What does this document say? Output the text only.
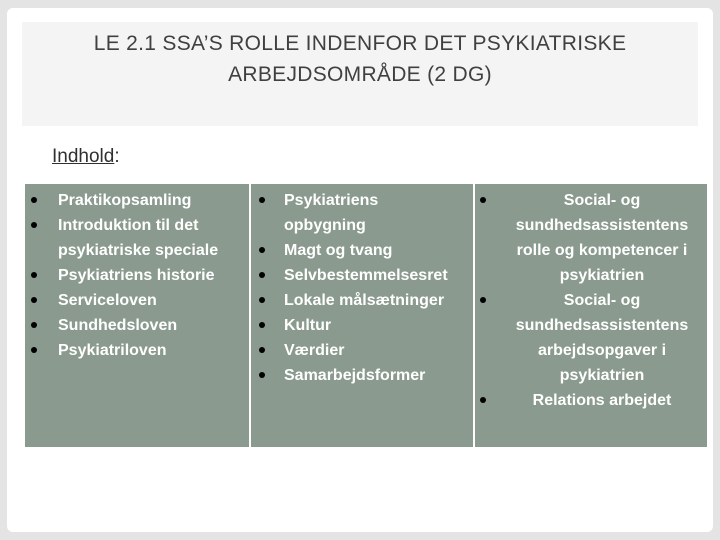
LE 2.1 SSA’S ROLLE INDENFOR DET PSYKIATRISKE
ARBEJDSOMRÅDE (2 DG)
Indhold:
Praktikopsamling
Introduktion til det psykiatriske speciale
Psykiatriens historie
Serviceloven
Sundhedsloven
Psykiatriloven
Psykiatriens opbygning
Magt og tvang
Selvbestemmelsesret
Lokale målsætninger
Kultur
Værdier
Samarbejdsformer
Social- og sundhedsassistentens rolle og kompetencer i psykiatrien
Social- og sundhedsassistentens arbejdsopgaver i psykiatrien
Relations arbejdet
